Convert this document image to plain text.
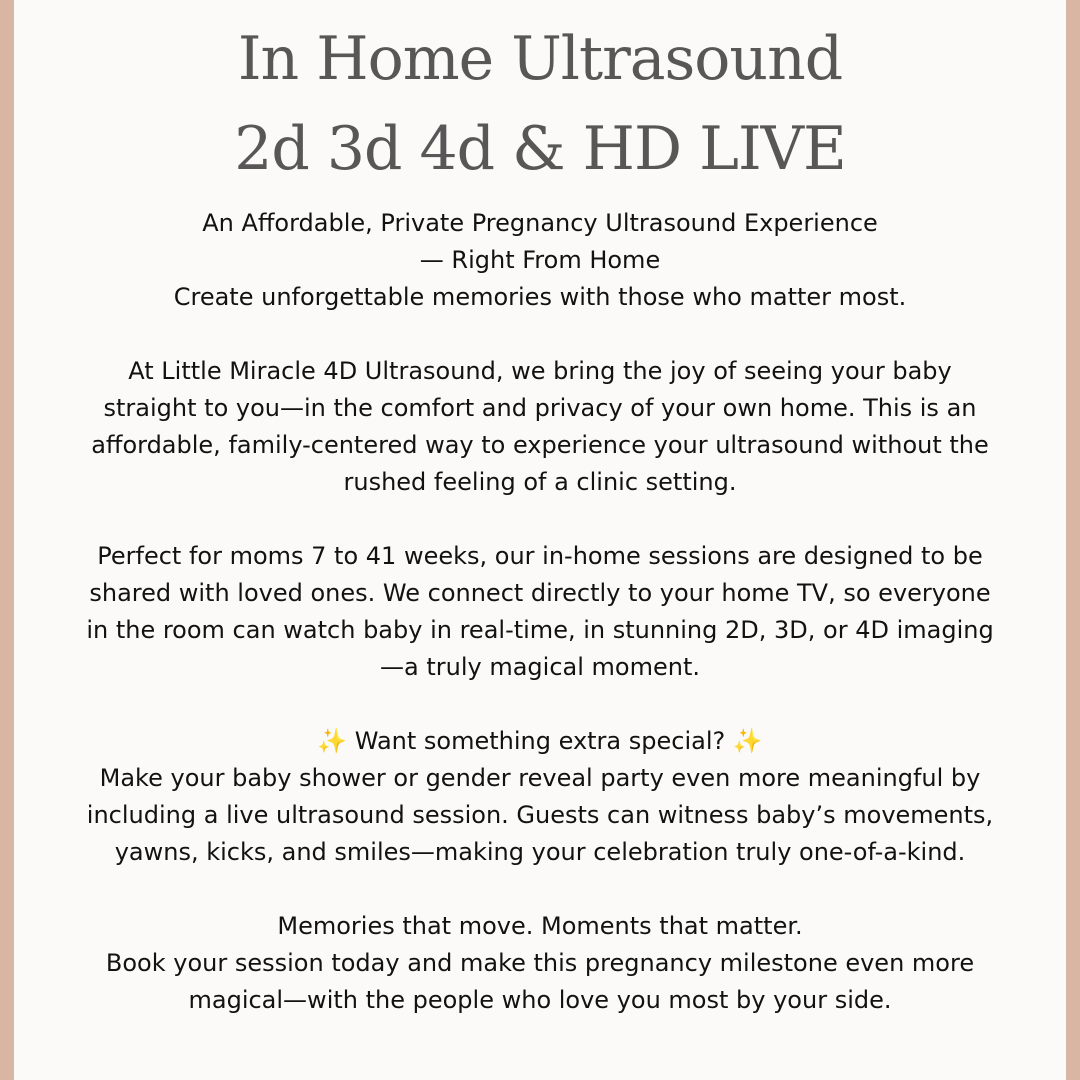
In Home Ultrasound
2d 3d 4d & HD LIVE

An Affordable, Private Pregnancy Ultrasound Experience
— Right From Home
Create unforgettable memories with those who matter most.

At Little Miracle 4D Ultrasound, we bring the joy of seeing your baby
straight to you—in the comfort and privacy of your own home. This is an
affordable, family-centered way to experience your ultrasound without the
rushed feeling of a clinic setting.

Perfect for moms 7 to 41 weeks, our in-home sessions are designed to be
shared with loved ones. We connect directly to your home TV, so everyone
in the room can watch baby in real-time, in stunning 2D, 3D, or 4D imaging
—a truly magical moment.

✨ Want something extra special? ✨
Make your baby shower or gender reveal party even more meaningful by
including a live ultrasound session. Guests can witness baby’s movements,
yawns, kicks, and smiles—making your celebration truly one-of-a-kind.

Memories that move. Moments that matter.
Book your session today and make this pregnancy milestone even more
magical—with the people who love you most by your side.
